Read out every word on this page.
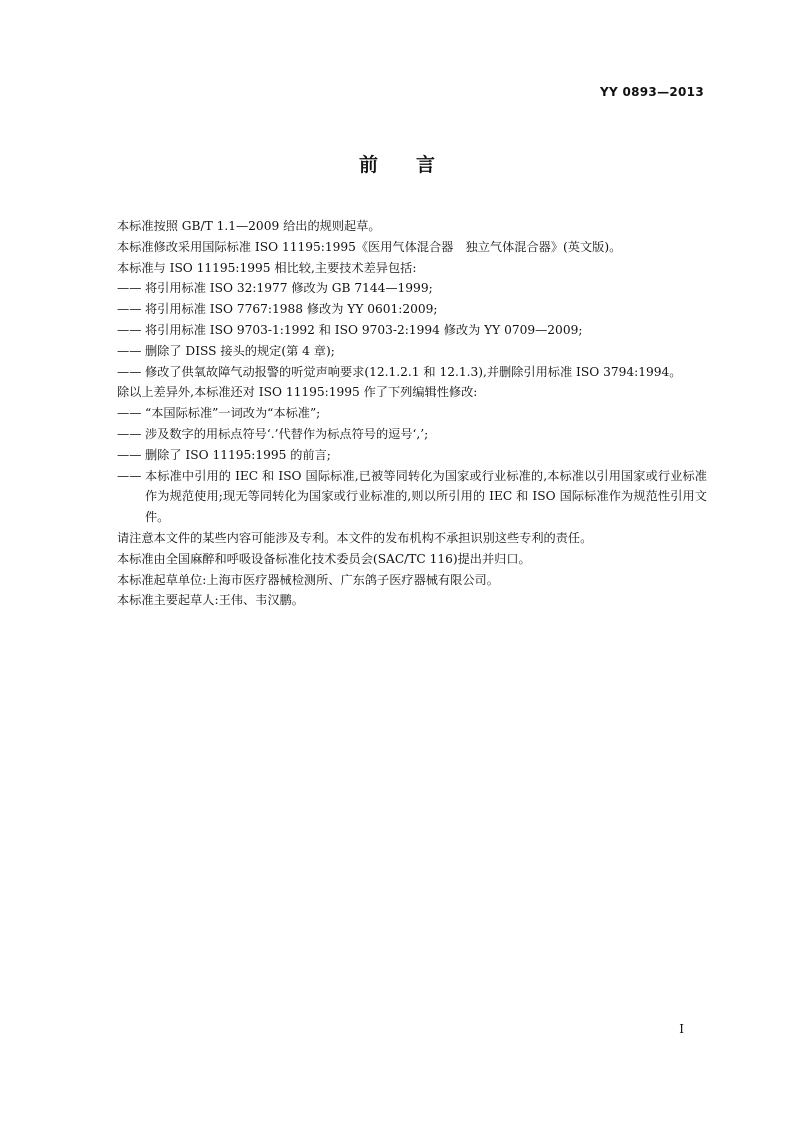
YY 0893—2013
前言
本标准按照 GB/T 1.1—2009 给出的规则起草。
本标准修改采用国际标准 ISO 11195:1995《医用气体混合器　独立气体混合器》(英文版)。
本标准与 ISO 11195:1995 相比较,主要技术差异包括:
—— 将引用标准 ISO 32:1977 修改为 GB 7144—1999;
—— 将引用标准 ISO 7767:1988 修改为 YY 0601:2009;
—— 将引用标准 ISO 9703-1:1992 和 ISO 9703-2:1994 修改为 YY 0709—2009;
—— 删除了 DISS 接头的规定(第 4 章);
—— 修改了供氧故障气动报警的听觉声响要求(12.1.2.1 和 12.1.3),并删除引用标准 ISO 3794:1994。
除以上差异外,本标准还对 ISO 11195:1995 作了下列编辑性修改:
—— “本国际标准”一词改为“本标准”;
—— 涉及数字的用标点符号‘.’代替作为标点符号的逗号‘,’;
—— 删除了 ISO 11195:1995 的前言;
—— 本标准中引用的 IEC 和 ISO 国际标准,已被等同转化为国家或行业标准的,本标准以引用国家或行业标准作为规范使用;现无等同转化为国家或行业标准的,则以所引用的 IEC 和 ISO 国际标准作为规范性引用文件。
请注意本文件的某些内容可能涉及专利。本文件的发布机构不承担识别这些专利的责任。
本标准由全国麻醉和呼吸设备标准化技术委员会(SAC/TC 116)提出并归口。
本标准起草单位:上海市医疗器械检测所、广东鸽子医疗器械有限公司。
本标准主要起草人:王伟、韦汉鹏。
I
